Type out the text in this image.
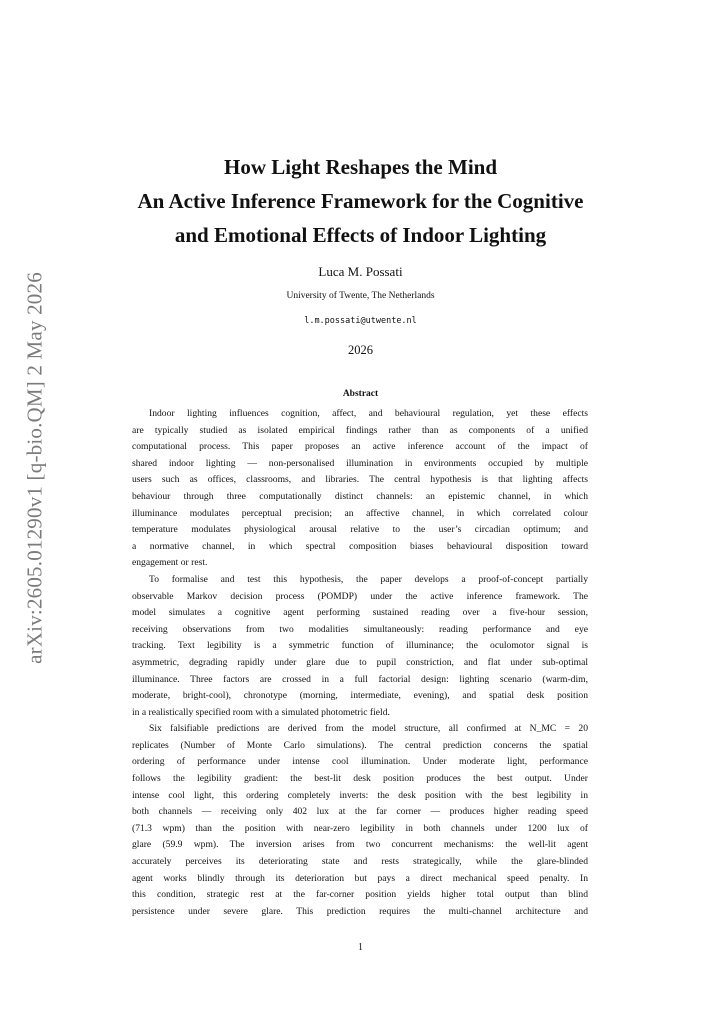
arXiv:2605.01290v1 [q-bio.QM] 2 May 2026
How Light Reshapes the Mind
An Active Inference Framework for the Cognitive
and Emotional Effects of Indoor Lighting
Luca M. Possati
University of Twente, The Netherlands
l.m.possati@utwente.nl
2026
Abstract
Indoor lighting influences cognition, affect, and behavioural regulation, yet these effects
are typically studied as isolated empirical findings rather than as components of a unified
computational process. This paper proposes an active inference account of the impact of
shared indoor lighting — non-personalised illumination in environments occupied by multiple
users such as offices, classrooms, and libraries. The central hypothesis is that lighting affects
behaviour through three computationally distinct channels: an epistemic channel, in which
illuminance modulates perceptual precision; an affective channel, in which correlated colour
temperature modulates physiological arousal relative to the user’s circadian optimum; and
a normative channel, in which spectral composition biases behavioural disposition toward
engagement or rest.
To formalise and test this hypothesis, the paper develops a proof-of-concept partially
observable Markov decision process (POMDP) under the active inference framework. The
model simulates a cognitive agent performing sustained reading over a five-hour session,
receiving observations from two modalities simultaneously: reading performance and eye
tracking. Text legibility is a symmetric function of illuminance; the oculomotor signal is
asymmetric, degrading rapidly under glare due to pupil constriction, and flat under sub-optimal
illuminance. Three factors are crossed in a full factorial design: lighting scenario (warm-dim,
moderate, bright-cool), chronotype (morning, intermediate, evening), and spatial desk position
in a realistically specified room with a simulated photometric field.
Six falsifiable predictions are derived from the model structure, all confirmed at N_MC = 20
replicates (Number of Monte Carlo simulations). The central prediction concerns the spatial
ordering of performance under intense cool illumination. Under moderate light, performance
follows the legibility gradient: the best-lit desk position produces the best output. Under
intense cool light, this ordering completely inverts: the desk position with the best legibility in
both channels — receiving only 402 lux at the far corner — produces higher reading speed
(71.3 wpm) than the position with near-zero legibility in both channels under 1200 lux of
glare (59.9 wpm). The inversion arises from two concurrent mechanisms: the well-lit agent
accurately perceives its deteriorating state and rests strategically, while the glare-blinded
agent works blindly through its deterioration but pays a direct mechanical speed penalty. In
this condition, strategic rest at the far-corner position yields higher total output than blind
persistence under severe glare. This prediction requires the multi-channel architecture and
1
